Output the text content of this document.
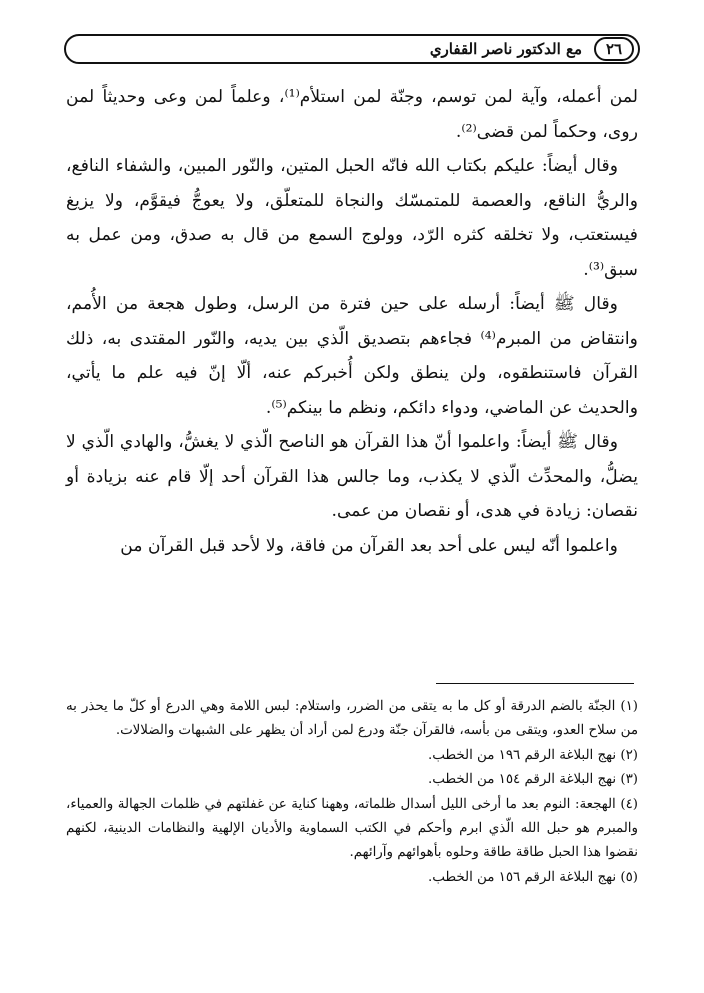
٢٦
مع الدكتور ناصر القفاري

لمن أعمله، وآية لمن توسم، وجنّة لمن استلأم⁽¹⁾، وعلماً لمن وعى وحديثاً لمن روى، وحكماً لمن قضى⁽²⁾.

وقال أيضاً: عليكم بكتاب الله فانّه الحبل المتين، والنّور المبين، والشفاء النافع، والريُّ الناقع، والعصمة للمتمسّك والنجاة للمتعلّق، ولا يعوجُّ فيقوَّم، ولا يزيغ فيستعتب، ولا تخلقه كثره الرّد، وولوج السمع من قال به صدق، ومن عمل به سبق⁽³⁾.

وقال ﷺ أيضاً: أرسله على حين فترة من الرسل، وطول هجعة من الأُمم، وانتقاض من المبرم⁽⁴⁾ فجاءهم بتصديق الّذي بين يديه، والنّور المقتدى به، ذلك القرآن فاستنطقوه، ولن ينطق ولكن أُخبركم عنه، ألّا إنّ فيه علم ما يأتي، والحديث عن الماضي، ودواء دائكم، ونظم ما بينكم⁽⁵⁾.

وقال ﷺ أيضاً: واعلموا أنّ هذا القرآن هو الناصح الّذي لا يغشُّ، والهادي الّذي لا يضلُّ، والمحدِّث الّذي لا يكذب، وما جالس هذا القرآن أحد إلّا قام عنه بزيادة أو نقصان: زيادة في هدى، أو نقصان من عمى.

واعلموا أنّه ليس على أحد بعد القرآن من فاقة، ولا لأحد قبل القرآن من

(١) الجنّة بالضم الدرقة أو كل ما به يتقى من الضرر، واستلام: لبس اللامة وهي الدرع أو كلّ ما يحذر به من سلاح العدو، ويتقى من بأسه، فالقرآن جنّة ودرع لمن أراد أن يظهر على الشبهات والضلالات.

(٢) نهج البلاغة الرقم ١٩٦ من الخطب.

(٣) نهج البلاغة الرقم ١٥٤ من الخطب.

(٤) الهجعة: النوم بعد ما أرخى الليل أسدال ظلماته، وههنا كناية عن غفلتهم في ظلمات الجهالة والعمياء، والمبرم هو حبل الله الّذي ابرم وأحكم في الكتب السماوية والأديان الإلهية والنظامات الدينية، لكنهم نقضوا هذا الحبل طاقة طاقة وحلوه بأهوائهم وآرائهم.

(٥) نهج البلاغة الرقم ١٥٦ من الخطب.
